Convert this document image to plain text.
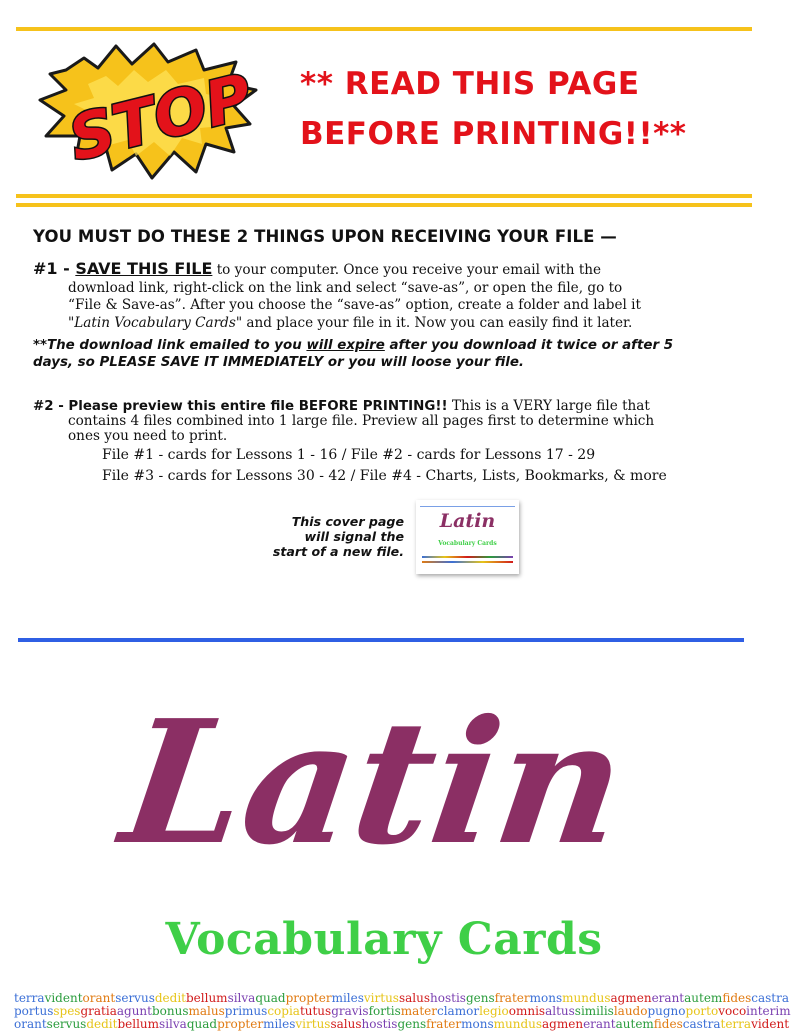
STOP ** READ THIS PAGE
BEFORE PRINTING!!**
YOU MUST DO THESE 2 THINGS UPON RECEIVING YOUR FILE —
#1 - SAVE THIS FILE to your computer. Once you receive your email with the
download link, right-click on the link and select “save-as”, or open the file, go to
“File & Save-as”. After you choose the “save-as” option, create a folder and label it
"Latin Vocabulary Cards" and place your file in it. Now you can easily find it later.
**The download link emailed to you will expire after you download it twice or after 5
days, so PLEASE SAVE IT IMMEDIATELY or you will loose your file.
#2 - Please preview this entire file BEFORE PRINTING!! This is a VERY large file that
contains 4 files combined into 1 large file. Preview all pages first to determine which
ones you need to print.
File #1 - cards for Lessons 1 - 16 / File #2 - cards for Lessons 17 - 29
File #3 - cards for Lessons 30 - 42 / File #4 - Charts, Lists, Bookmarks, & more
This cover page
will signal the
start of a new file.
Latin
Vocabulary Cards
Latin
Vocabulary Cards
terravidentorantservusdeditbellumsilvaquadproptermilesvirtussalushostisgensfratermonsmundusagmenerantautemfidescastra
portusspesgratiaaguntbonusmalusprimuscopiatutusgravisfortismaterclamorlegioomnisaltussimilislaudopugnoportovocointerim
orantservusdeditbellumsilvaquadproptermilesvirtussalushostisgensfratermonsmundusagmenerantautemfidescastraterravident
